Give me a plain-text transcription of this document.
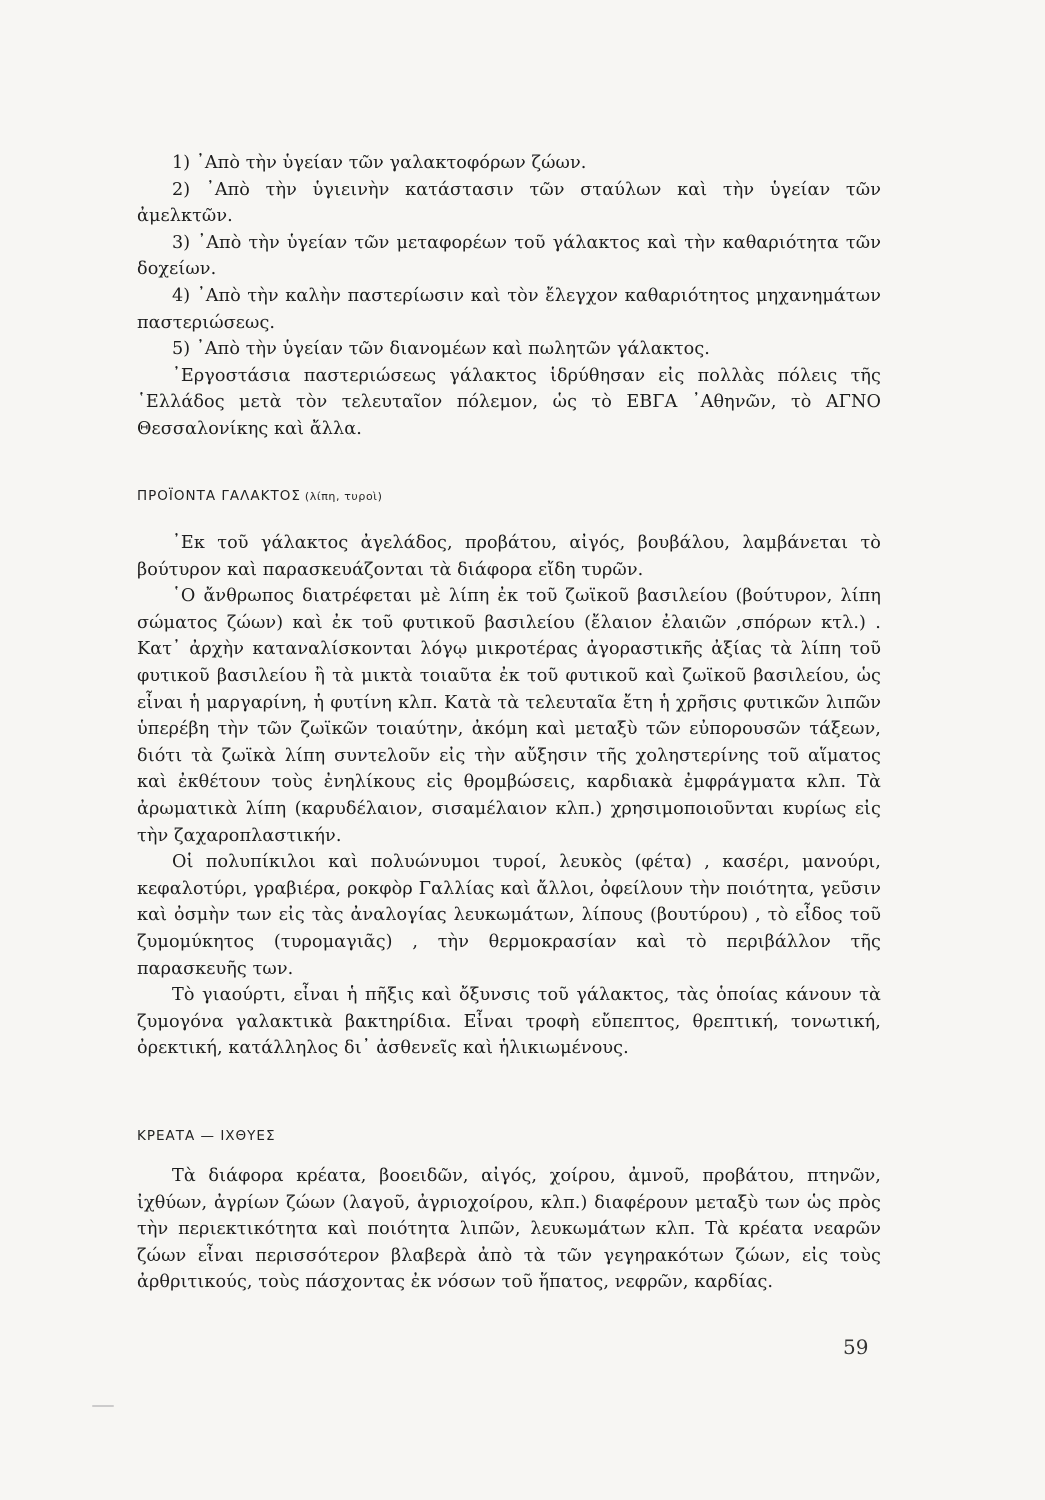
1) ᾿Απὸ τὴν ὑγείαν τῶν γαλακτοφόρων ζώων.

2) ᾿Απὸ τὴν ὑγιεινὴν κατάστασιν τῶν σταύλων καὶ τὴν ὑγείαν τῶν ἀμελκτῶν.

3) ᾿Απὸ τὴν ὑγείαν τῶν μεταφορέων τοῦ γάλακτος καὶ τὴν καθαριότητα τῶν δοχείων.

4) ᾿Απὸ τὴν καλὴν παστερίωσιν καὶ τὸν ἔλεγχον καθαριότητος μηχανημάτων παστεριώσεως.

5) ᾿Απὸ τὴν ὑγείαν τῶν διανομέων καὶ πωλητῶν γάλακτος.

᾿Εργοστάσια παστεριώσεως γάλακτος ἱδρύθησαν εἰς πολλὰς πόλεις τῆς ῾Ελλάδος μετὰ τὸν τελευταῖον πόλεμον, ὡς τὸ ΕΒΓΑ ᾿Αθηνῶν, τὸ ΑΓΝΟ Θεσσαλονίκης καὶ ἄλλα.

ΠΡΟΪΟΝΤΑ ΓΑΛΑΚΤΟΣ (λίπη, τυροὶ)

᾿Εκ τοῦ γάλακτος ἀγελάδος, προβάτου, αἰγός, βουβάλου, λαμβάνεται τὸ βούτυρον καὶ παρασκευάζονται τὰ διάφορα εἴδη τυρῶν.

῾Ο ἄνθρωπος διατρέφεται μὲ λίπη ἐκ τοῦ ζωϊκοῦ βασιλείου (βούτυρον, λίπη σώματος ζώων) καὶ ἐκ τοῦ φυτικοῦ βασιλείου (ἔλαιον ἐλαιῶν ,σπόρων κτλ.) . Κατ᾿ ἀρχὴν καταναλίσκονται λόγῳ μικροτέρας ἀγοραστικῆς ἀξίας τὰ λίπη τοῦ φυτικοῦ βασιλείου ἢ τὰ μικτὰ τοιαῦτα ἐκ τοῦ φυτικοῦ καὶ ζωϊκοῦ βασιλείου, ὡς εἶναι ἡ μαργαρίνη, ἡ φυτίνη κλπ. Κατὰ τὰ τελευταῖα ἔτη ἡ χρῆσις φυτικῶν λιπῶν ὑπερέβη τὴν τῶν ζωϊκῶν τοιαύτην, ἀκόμη καὶ μεταξὺ τῶν εὐπορουσῶν τάξεων, διότι τὰ ζωϊκὰ λίπη συντελοῦν εἰς τὴν αὔξησιν τῆς χοληστερίνης τοῦ αἵματος καὶ ἐκθέτουν τοὺς ἐνηλίκους εἰς θρομβώσεις, καρδιακὰ ἐμφράγματα κλπ. Τὰ ἀρωματικὰ λίπη (καρυδέλαιον, σισαμέλαιον κλπ.) χρησιμοποιοῦνται κυρίως εἰς τὴν ζαχαροπλαστικήν.

Οἱ πολυπίκιλοι καὶ πολυώνυμοι τυροί, λευκὸς (φέτα) , κασέρι, μανούρι, κεφαλοτύρι, γραβιέρα, ροκφὸρ Γαλλίας καὶ ἄλλοι, ὀφείλουν τὴν ποιότητα, γεῦσιν καὶ ὀσμὴν των εἰς τὰς ἀναλογίας λευκωμάτων, λίπους (βουτύρου) , τὸ εἶδος τοῦ ζυμομύκητος (τυρομαγιᾶς) , τὴν θερμοκρασίαν καὶ τὸ περιβάλλον τῆς παρασκευῆς των.

Τὸ γιαούρτι, εἶναι ἡ πῆξις καὶ ὄξυνσις τοῦ γάλακτος, τὰς ὁποίας κάνουν τὰ ζυμογόνα γαλακτικὰ βακτηρίδια. Εἶναι τροφὴ εὔπεπτος, θρεπτική, τονωτική, ὀρεκτική, κατάλληλος δι᾿ ἀσθενεῖς καὶ ἡλικιωμένους.

ΚΡΕΑΤΑ — ΙΧΘΥΕΣ

Τὰ διάφορα κρέατα, βοοειδῶν, αἰγός, χοίρου, ἀμνοῦ, προβάτου, πτηνῶν, ἰχθύων, ἀγρίων ζώων (λαγοῦ, ἀγριοχοίρου, κλπ.) διαφέρουν μεταξὺ των ὡς πρὸς τὴν περιεκτικότητα καὶ ποιότητα λιπῶν, λευκωμάτων κλπ. Τὰ κρέατα νεαρῶν ζώων εἶναι περισσότερον βλαβερὰ ἀπὸ τὰ τῶν γεγηρακότων ζώων, εἰς τοὺς ἀρθριτικούς, τοὺς πάσχοντας ἐκ νόσων τοῦ ἥπατος, νεφρῶν, καρδίας.

59
